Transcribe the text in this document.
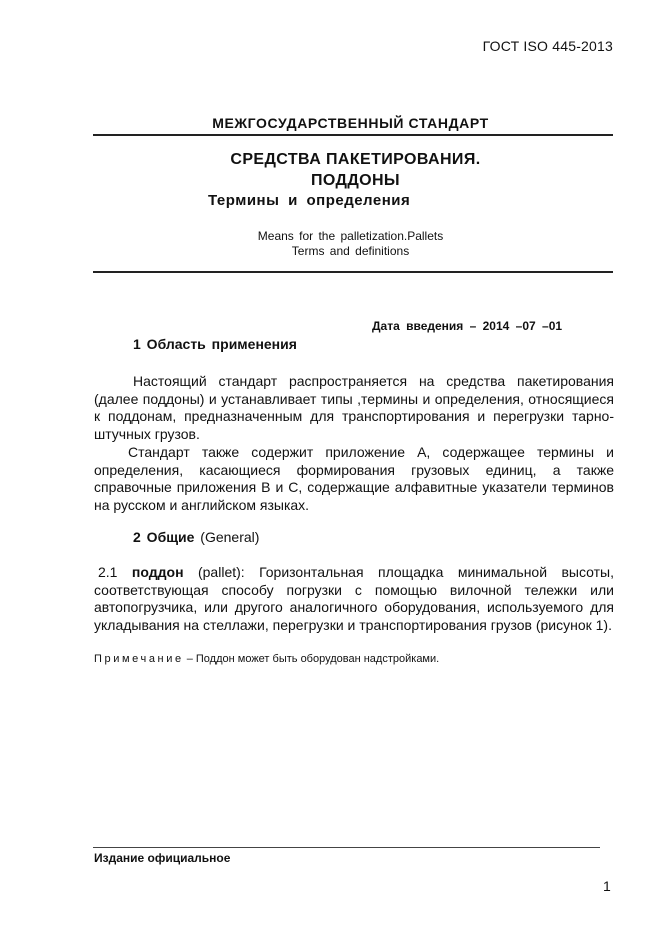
ГОСТ ISO 445-2013
МЕЖГОСУДАРСТВЕННЫЙ СТАНДАРТ
СРЕДСТВА ПАКЕТИРОВАНИЯ.
ПОДДОНЫ
Термины и определения
Means for the palletization.Pallets
Terms and definitions
Дата введения – 2014 –07 –01
1 Область применения

Настоящий стандарт распространяется на средства пакетирования (далее поддоны) и устанавливает типы ,термины и определения, относящиеся к поддонам, предназначенным для транспортирования и перегрузки тарно-штучных грузов.

Стандарт также содержит приложение А, содержащее термины и определения, касающиеся формирования грузовых единиц, а также справочные приложения В и С, содержащие алфавитные указатели терминов на русском и английском языках.

2 Общие (General)

2.1 поддон (pallet): Горизонтальная площадка минимальной высоты, соответствующая способу погрузки с помощью вилочной тележки или автопогрузчика, или другого аналогичного оборудования, используемого для укладывания на стеллажи, перегрузки и транспортирования грузов (рисунок 1).

Примечание – Поддон может быть оборудован надстройками.
Издание официальное
1
